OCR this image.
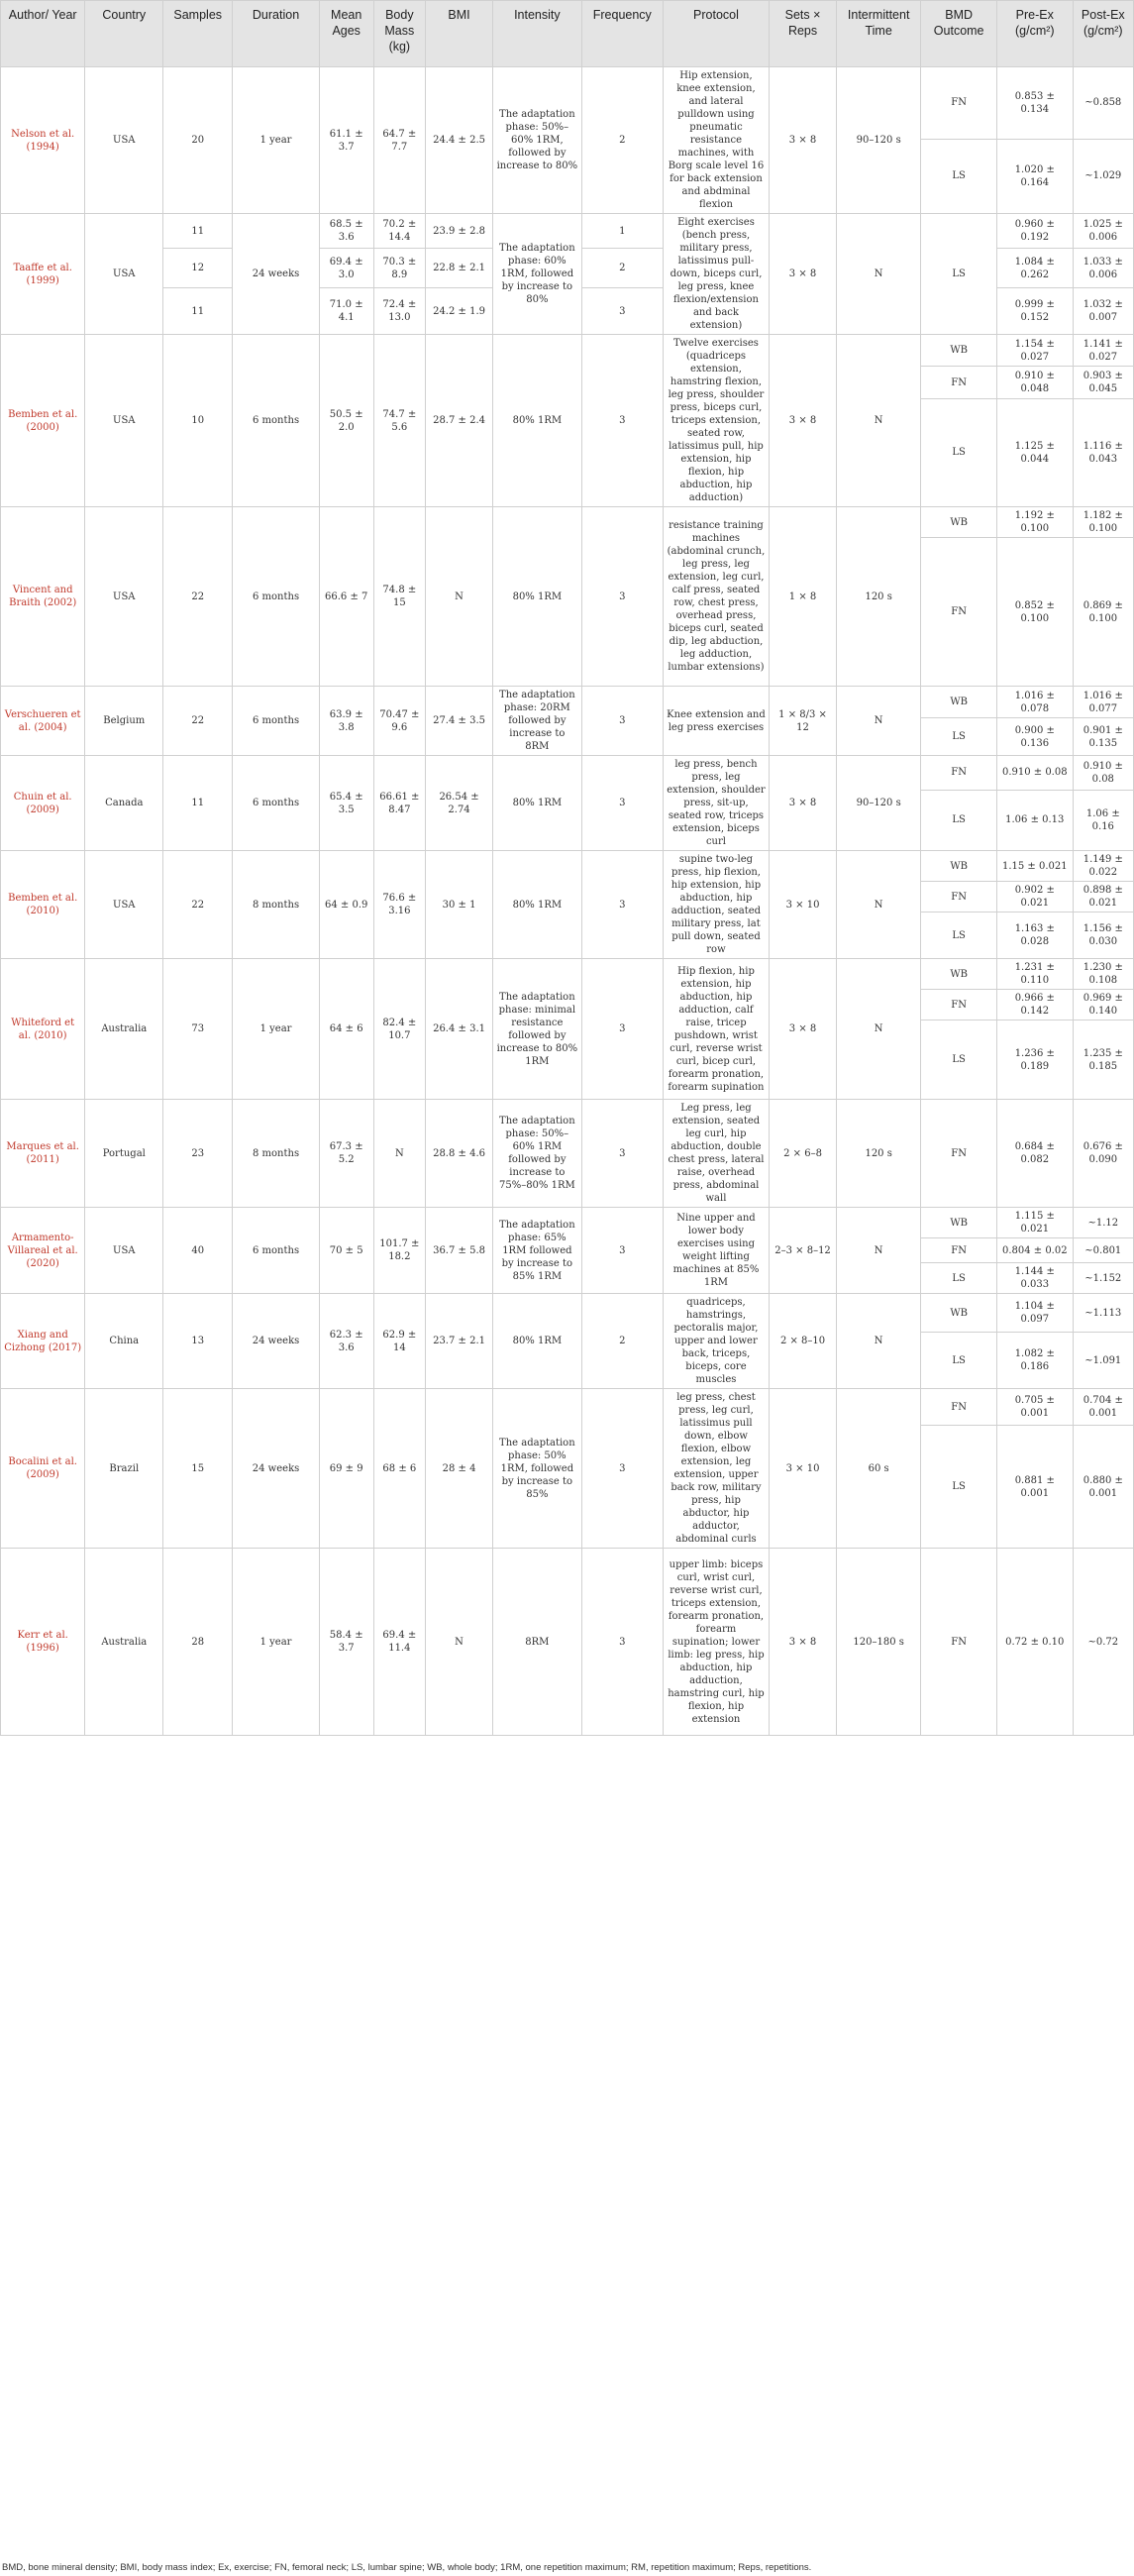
Author/ Year	Country	Samples	Duration	Mean Ages	Body Mass (kg)	BMI	Intensity	Frequency	Protocol	Sets × Reps	Intermittent Time	BMD Outcome	Pre-Ex (g/cm²)	Post-Ex (g/cm²)
Nelson et al. (1994)	USA	20	1 year	61.1 ± 3.7	64.7 ± 7.7	24.4 ± 2.5	The adaptation phase: 50%–60% 1RM, followed by increase to 80%	2	Hip extension, knee extension, and lateral pulldown using pneumatic resistance machines, with Borg scale level 16 for back extension and abdminal flexion	3 × 8	90–120 s	FN	0.853 ± 0.134	~0.858
												LS	1.020 ± 0.164	~1.029
Taaffe et al. (1999)	USA	11	24 weeks	68.5 ± 3.6	70.2 ± 14.4	23.9 ± 2.8	The adaptation phase: 60% 1RM, followed by increase to 80%	1	Eight exercises (bench press, military press, latissimus pull-down, biceps curl, leg press, knee flexion/extension and back extension)	3 × 8	N	LS	0.960 ± 0.192	1.025 ± 0.006
		12		69.4 ± 3.0	70.3 ± 8.9	22.8 ± 2.1		2					1.084 ± 0.262	1.033 ± 0.006
		11		71.0 ± 4.1	72.4 ± 13.0	24.2 ± 1.9		3					0.999 ± 0.152	1.032 ± 0.007
Bemben et al. (2000)	USA	10	6 months	50.5 ± 2.0	74.7 ± 5.6	28.7 ± 2.4	80% 1RM	3	Twelve exercises (quadriceps extension, hamstring flexion, leg press, shoulder press, biceps curl, triceps extension, seated row, latissimus pull, hip extension, hip flexion, hip abduction, hip adduction)	3 × 8	N	WB	1.154 ± 0.027	1.141 ± 0.027
												FN	0.910 ± 0.048	0.903 ± 0.045
												LS	1.125 ± 0.044	1.116 ± 0.043
Vincent and Braith (2002)	USA	22	6 months	66.6 ± 7	74.8 ± 15	N	80% 1RM	3	resistance training machines (abdominal crunch, leg press, leg extension, leg curl, calf press, seated row, chest press, overhead press, biceps curl, seated dip, leg abduction, leg adduction, lumbar extensions)	1 × 8	120 s	WB	1.192 ± 0.100	1.182 ± 0.100
												FN	0.852 ± 0.100	0.869 ± 0.100
Verschueren et al. (2004)	Belgium	22	6 months	63.9 ± 3.8	70.47 ± 9.6	27.4 ± 3.5	The adaptation phase: 20RM followed by increase to 8RM	3	Knee extension and leg press exercises	1 × 8/3 × 12	N	WB	1.016 ± 0.078	1.016 ± 0.077
												LS	0.900 ± 0.136	0.901 ± 0.135
Chuin et al. (2009)	Canada	11	6 months	65.4 ± 3.5	66.61 ± 8.47	26.54 ± 2.74	80% 1RM	3	leg press, bench press, leg extension, shoulder press, sit-up, seated row, triceps extension, biceps curl	3 × 8	90–120 s	FN	0.910 ± 0.08	0.910 ± 0.08
												LS	1.06 ± 0.13	1.06 ± 0.16
Bemben et al. (2010)	USA	22	8 months	64 ± 0.9	76.6 ± 3.16	30 ± 1	80% 1RM	3	supine two-leg press, hip flexion, hip extension, hip abduction, hip adduction, seated military press, lat pull down, seated row	3 × 10	N	WB	1.15 ± 0.021	1.149 ± 0.022
												FN	0.902 ± 0.021	0.898 ± 0.021
												LS	1.163 ± 0.028	1.156 ± 0.030
Whiteford et al. (2010)	Australia	73	1 year	64 ± 6	82.4 ± 10.7	26.4 ± 3.1	The adaptation phase: minimal resistance followed by increase to 80% 1RM	3	Hip flexion, hip extension, hip abduction, hip adduction, calf raise, tricep pushdown, wrist curl, reverse wrist curl, bicep curl, forearm pronation, forearm supination	3 × 8	N	WB	1.231 ± 0.110	1.230 ± 0.108
												FN	0.966 ± 0.142	0.969 ± 0.140
												LS	1.236 ± 0.189	1.235 ± 0.185
Marques et al. (2011)	Portugal	23	8 months	67.3 ± 5.2	N	28.8 ± 4.6	The adaptation phase: 50%–60% 1RM followed by increase to 75%–80% 1RM	3	Leg press, leg extension, seated leg curl, hip abduction, double chest press, lateral raise, overhead press, abdominal wall	2 × 6–8	120 s	FN	0.684 ± 0.082	0.676 ± 0.090
Armamento-Villareal et al. (2020)	USA	40	6 months	70 ± 5	101.7 ± 18.2	36.7 ± 5.8	The adaptation phase: 65% 1RM followed by increase to 85% 1RM	3	Nine upper and lower body exercises using weight lifting machines at 85% 1RM	2–3 × 8–12	N	WB	1.115 ± 0.021	~1.12
												FN	0.804 ± 0.02	~0.801
												LS	1.144 ± 0.033	~1.152
Xiang and Cizhong (2017)	China	13	24 weeks	62.3 ± 3.6	62.9 ± 14	23.7 ± 2.1	80% 1RM	2	quadriceps, hamstrings, pectoralis major, upper and lower back, triceps, biceps, core muscles	2 × 8–10	N	WB	1.104 ± 0.097	~1.113
												LS	1.082 ± 0.186	~1.091
Bocalini et al. (2009)	Brazil	15	24 weeks	69 ± 9	68 ± 6	28 ± 4	The adaptation phase: 50% 1RM, followed by increase to 85%	3	leg press, chest press, leg curl, latissimus pull down, elbow flexion, elbow extension, leg extension, upper back row, military press, hip abductor, hip adductor, abdominal curls	3 × 10	60 s	FN	0.705 ± 0.001	0.704 ± 0.001
												LS	0.881 ± 0.001	0.880 ± 0.001
Kerr et al. (1996)	Australia	28	1 year	58.4 ± 3.7	69.4 ± 11.4	N	8RM	3	upper limb: biceps curl, wrist curl, reverse wrist curl, triceps extension, forearm pronation, forearm supination; lower limb: leg press, hip abduction, hip adduction, hamstring curl, hip flexion, hip extension	3 × 8	120–180 s	FN	0.72 ± 0.10	~0.72
BMD, bone mineral density; BMI, body mass index; Ex, exercise; FN, femoral neck; LS, lumbar spine; WB, whole body; 1RM, one repetition maximum; RM, repetition maximum; Reps, repetitions.
